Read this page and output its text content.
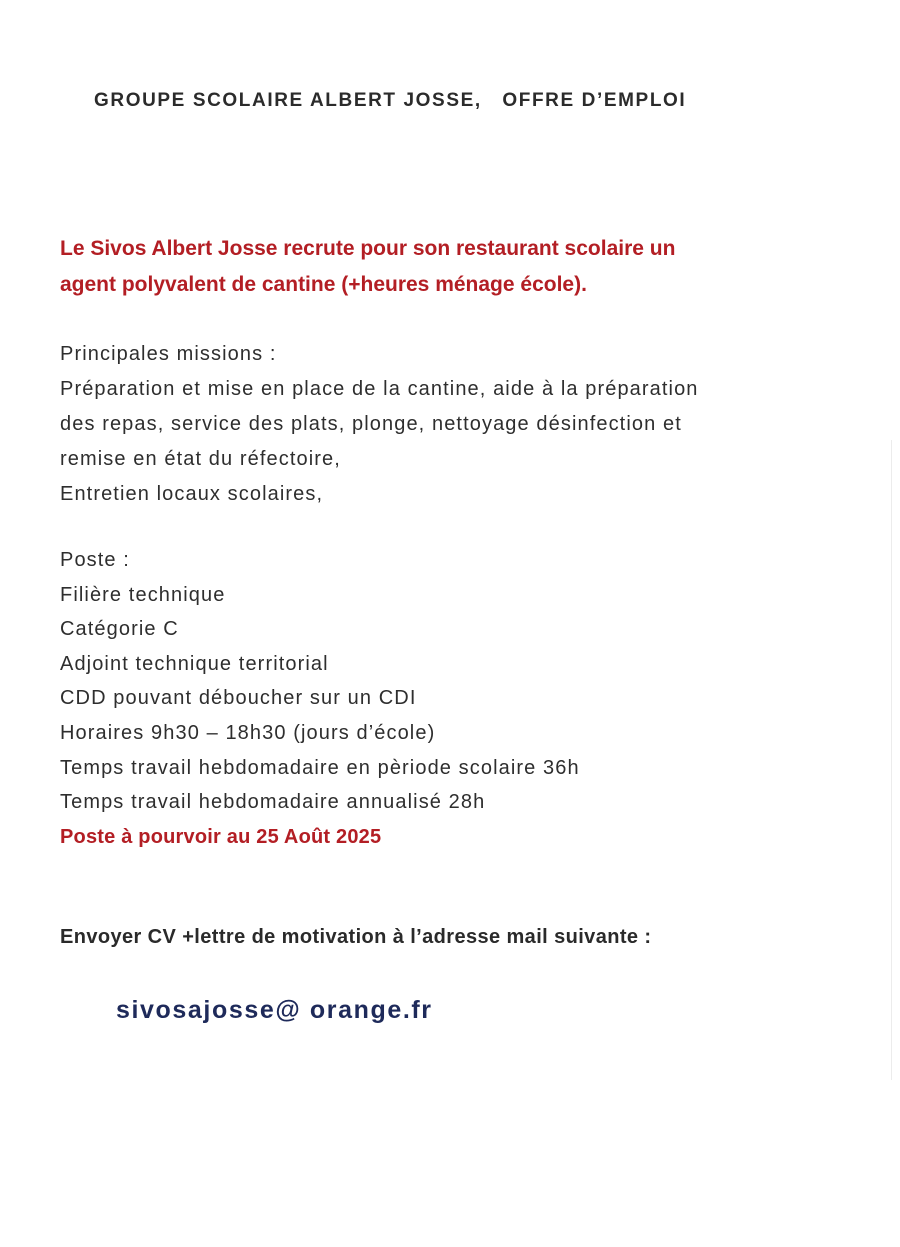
GROUPE SCOLAIRE ALBERT JOSSE,   OFFRE D’EMPLOI

Le Sivos Albert Josse recrute pour son restaurant scolaire un
agent polyvalent de cantine (+heures ménage école).

Principales missions :
Préparation et mise en place de la cantine, aide à la préparation
des repas, service des plats, plonge, nettoyage désinfection et
remise en état du réfectoire,
Entretien locaux scolaires,
Poste :
Filière technique
Catégorie C
Adjoint technique territorial
CDD pouvant déboucher sur un CDI
Horaires 9h30 – 18h30 (jours d’école)
Temps travail hebdomadaire en pèriode scolaire 36h
Temps travail hebdomadaire annualisé 28h
Poste à pourvoir au 25 Août 2025
Envoyer CV +lettre de motivation à l’adresse mail suivante :
sivosajosse@ orange.fr
